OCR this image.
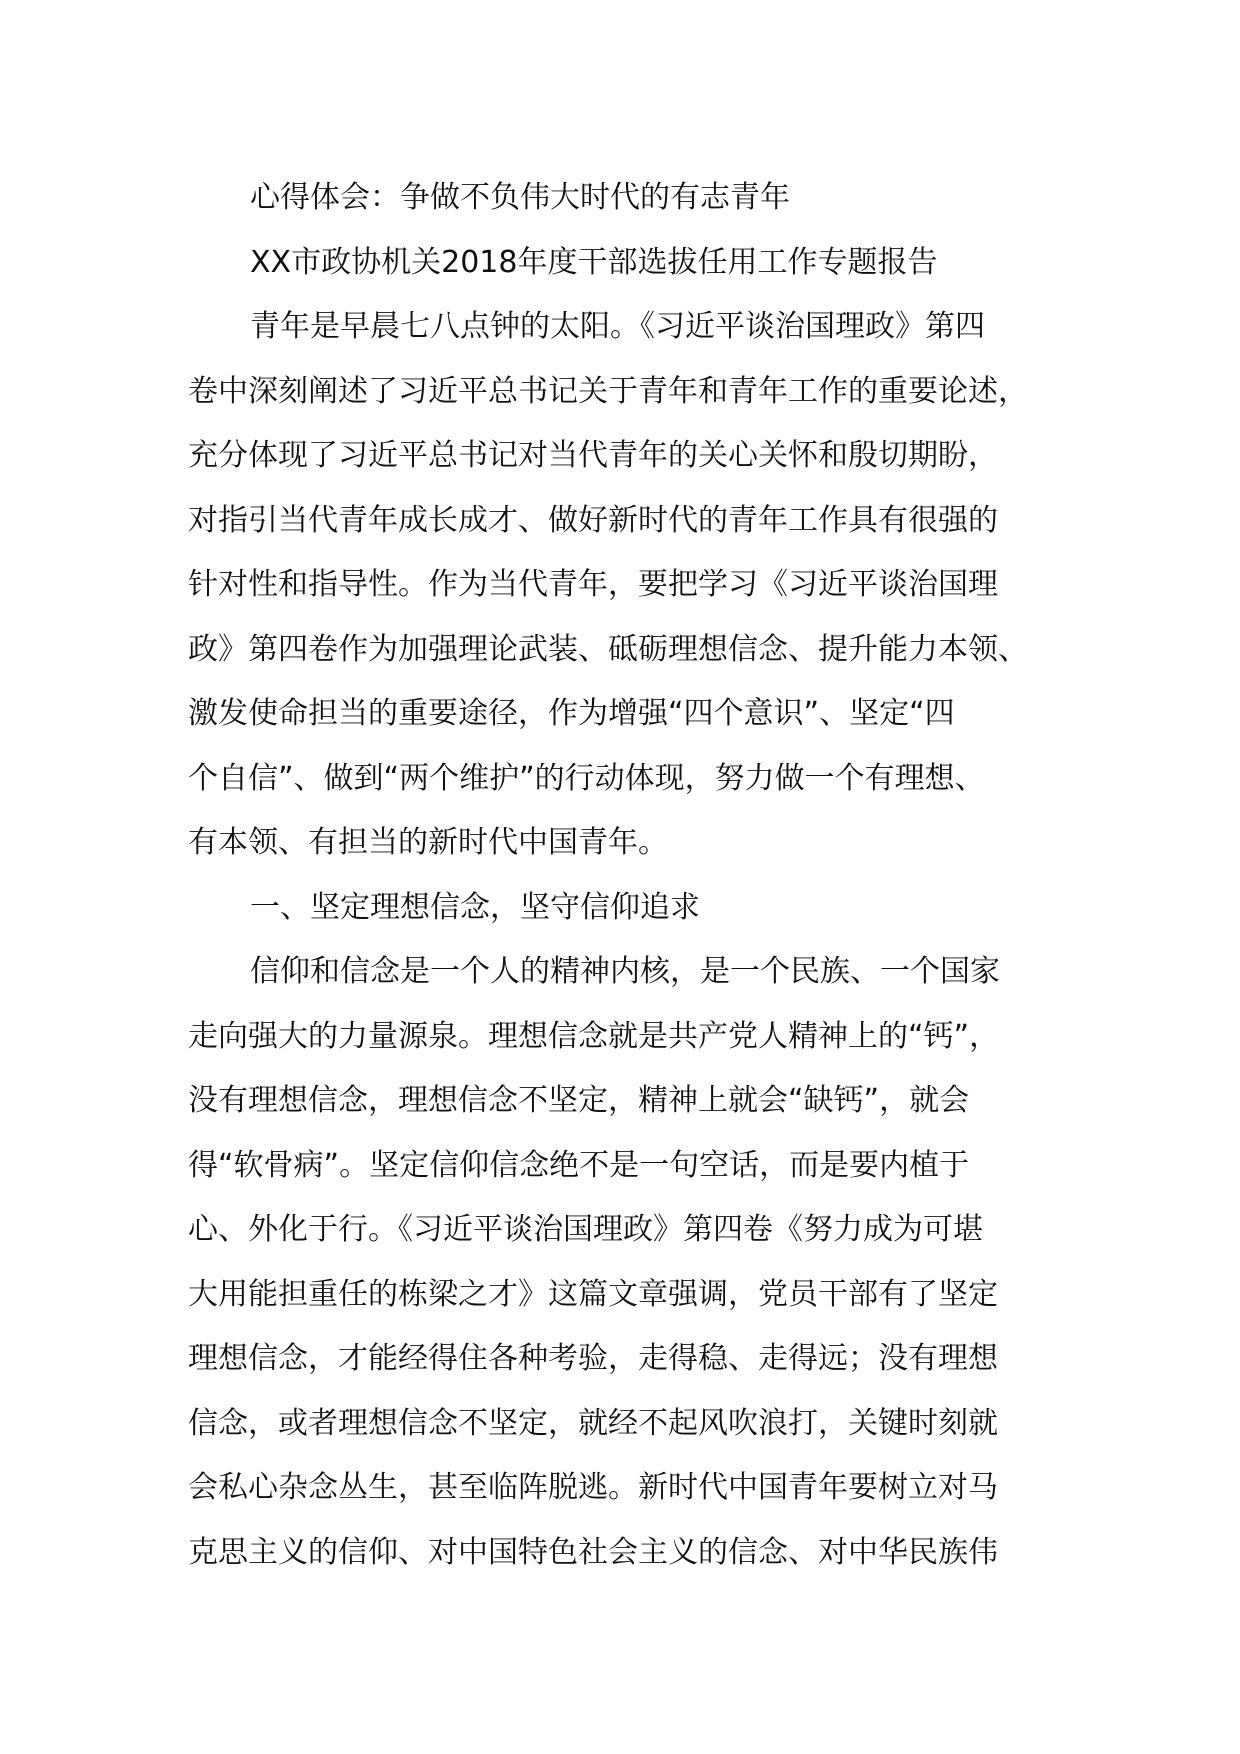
心得体会：争做不负伟大时代的有志青年
XX市政协机关2018年度干部选拔任用工作专题报告
青年是早晨七八点钟的太阳。《习近平谈治国理政》第四
卷中深刻阐述了习近平总书记关于青年和青年工作的重要论述，
充分体现了习近平总书记对当代青年的关心关怀和殷切期盼，
对指引当代青年成长成才、做好新时代的青年工作具有很强的
针对性和指导性。作为当代青年，要把学习《习近平谈治国理
政》第四卷作为加强理论武装、砥砺理想信念、提升能力本领、
激发使命担当的重要途径，作为增强“四个意识”、坚定“四
个自信”、做到“两个维护”的行动体现，努力做一个有理想、
有本领、有担当的新时代中国青年。
一、坚定理想信念，坚守信仰追求
信仰和信念是一个人的精神内核，是一个民族、一个国家
走向强大的力量源泉。理想信念就是共产党人精神上的“钙”，
没有理想信念，理想信念不坚定，精神上就会“缺钙”，就会
得“软骨病”。坚定信仰信念绝不是一句空话，而是要内植于
心、外化于行。《习近平谈治国理政》第四卷《努力成为可堪
大用能担重任的栋梁之才》这篇文章强调，党员干部有了坚定
理想信念，才能经得住各种考验，走得稳、走得远；没有理想
信念，或者理想信念不坚定，就经不起风吹浪打，关键时刻就
会私心杂念丛生，甚至临阵脱逃。新时代中国青年要树立对马
克思主义的信仰、对中国特色社会主义的信念、对中华民族伟
